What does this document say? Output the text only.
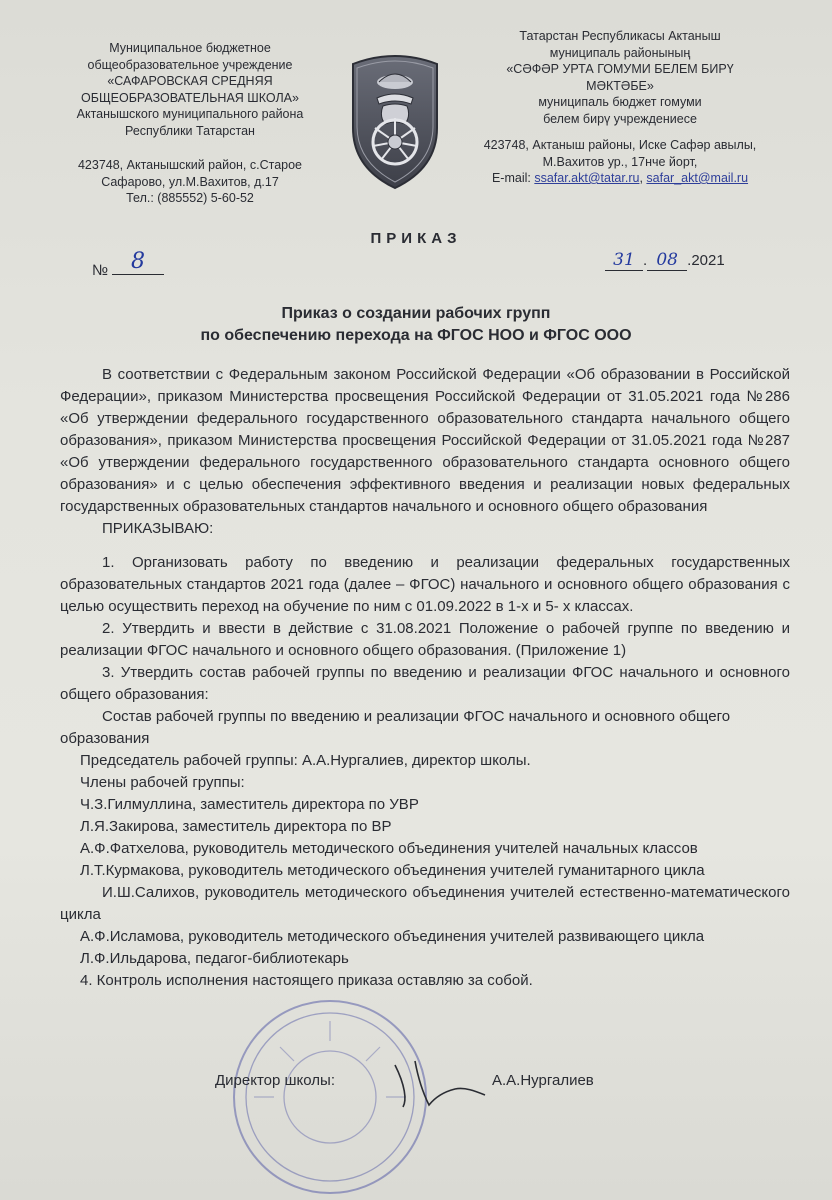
Муниципальное бюджетное
общеобразовательное учреждение
«САФАРОВСКАЯ СРЕДНЯЯ
ОБЩЕОБРАЗОВАТЕЛЬНАЯ ШКОЛА»
Актанышского муниципального района
Республики Татарстан
423748, Актанышский район, с.Старое
Сафарово, ул.М.Вахитов, д.17
Тел.: (885552) 5-60-52
Татарстан Республикасы Актаныш
муниципаль районының
«СӘФӘР УРТА ГОМУМИ БЕЛЕМ БИРҮ
МӘКТӘБЕ»
муниципаль бюджет гомуми
белем бирү учреждениесе
423748, Актаныш районы, Иске Сафәр авылы,
М.Вахитов ур., 17нче йорт,
E-mail: ssafar.akt@tatar.ru, safar_akt@mail.ru
ПРИКАЗ
№	8	31 . 08 .2021
Приказ о создании рабочих групп
по обеспечению перехода на ФГОС НОО и ФГОС ООО

В соответствии с Федеральным законом Российской Федерации «Об образовании в Российской Федерации», приказом Министерства просвещения Российской Федерации от 31.05.2021 года №286 «Об утверждении федерального государственного образовательного стандарта начального общего образования», приказом Министерства просвещения Российской Федерации от 31.05.2021 года №287 «Об утверждении федерального государственного образовательного стандарта основного общего образования» и с целью обеспечения эффективного введения и реализации новых федеральных государственных образовательных стандартов начального и основного общего образования

ПРИКАЗЫВАЮ:

1. Организовать работу по введению и реализации федеральных государственных образовательных стандартов 2021 года (далее – ФГОС) начального и основного общего образования с целью осуществить переход на обучение по ним с 01.09.2022 в 1-х и 5- х классах.

2. Утвердить и ввести в действие с 31.08.2021 Положение о рабочей группе по введению и реализации ФГОС начального и основного общего образования. (Приложение 1)

3. Утвердить состав рабочей группы по введению и реализации ФГОС начального и основного общего образования:

Состав рабочей группы по введению и реализации ФГОС начального и основного общего образования

Председатель рабочей группы: А.А.Нургалиев, директор школы.

Члены рабочей группы:

Ч.З.Гилмуллина, заместитель директора по УВР

Л.Я.Закирова, заместитель директора по ВР

А.Ф.Фатхелова, руководитель методического объединения учителей начальных классов

Л.Т.Курмакова, руководитель методического объединения учителей гуманитарного цикла

И.Ш.Салихов, руководитель методического объединения учителей естественно-математического цикла

А.Ф.Исламова, руководитель методического объединения учителей развивающего цикла

Л.Ф.Ильдарова, педагог-библиотекарь

4. Контроль исполнения настоящего приказа оставляю за собой.

Директор школы:	А.А.Нургалиев
